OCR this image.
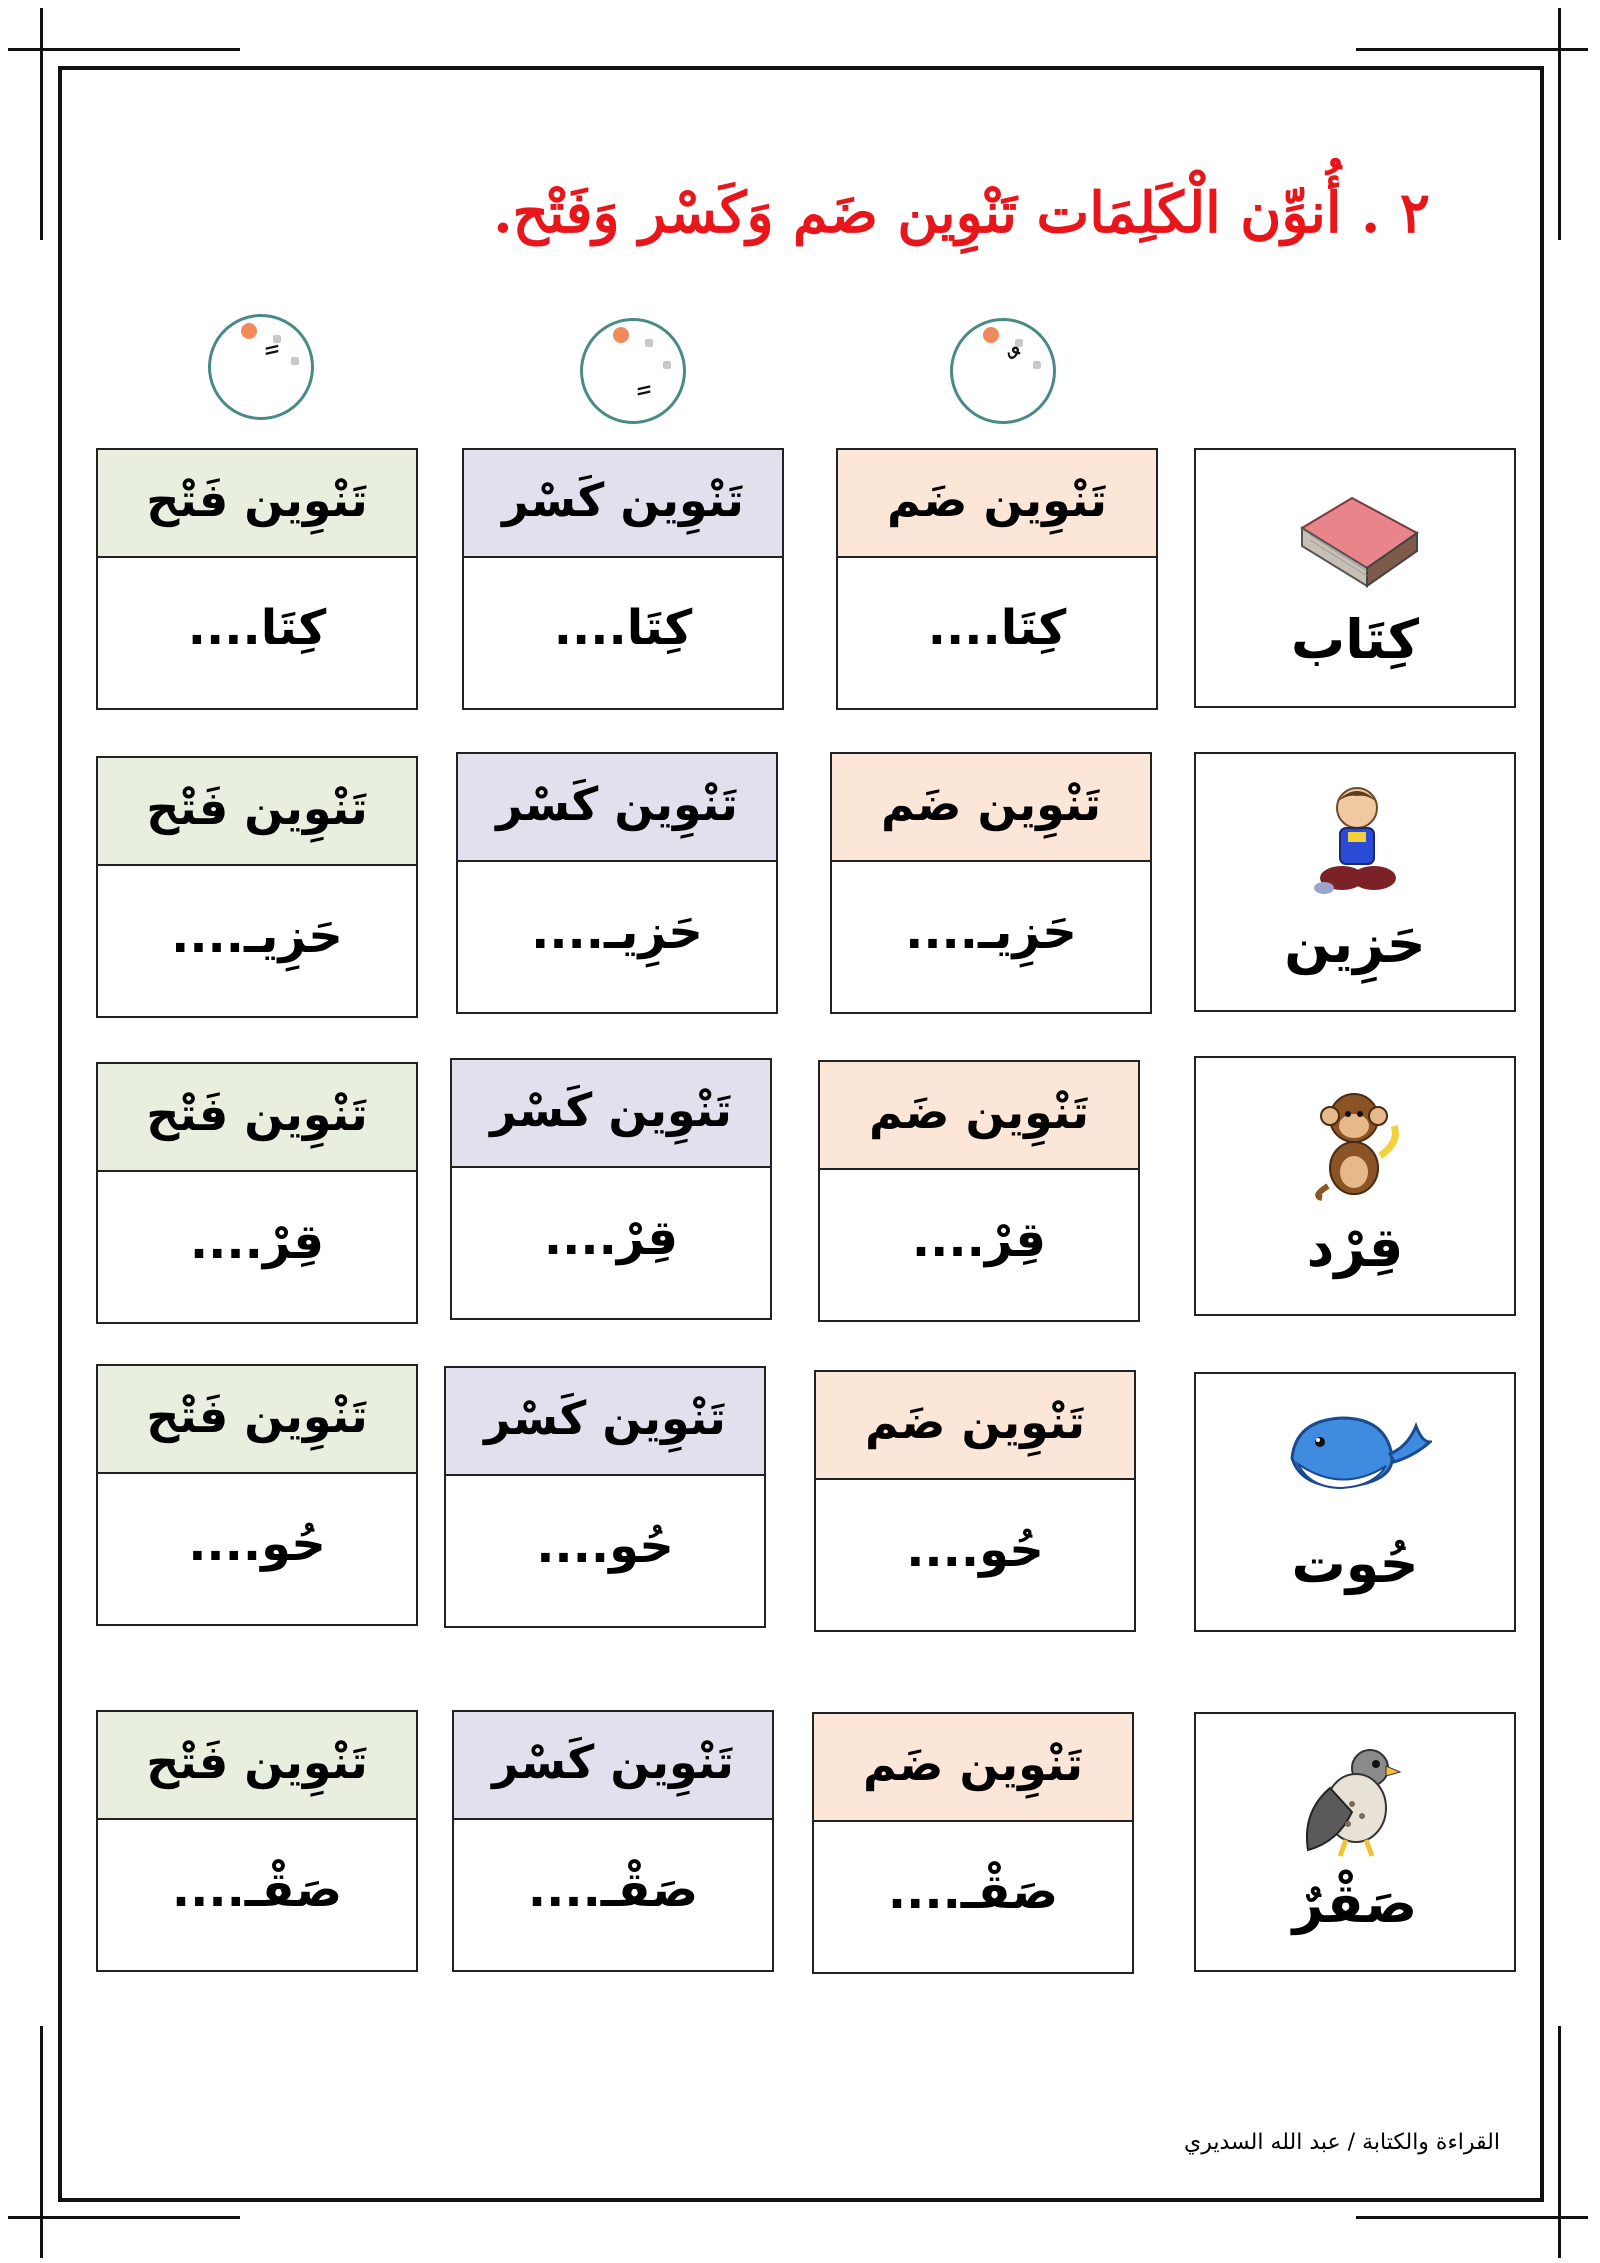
٢ . أُنوِّن الْكَلِمَات تَنْوِين ضَم وَكَسْر وَفَتْح.
كِتَاب
تَنْوِين ضَم
كِتَا....
تَنْوِين كَسْر
كِتَا....
تَنْوِين فَتْح
كِتَا....
حَزِين
تَنْوِين ضَم
حَزِيـ....
تَنْوِين كَسْر
حَزِيـ....
تَنْوِين فَتْح
حَزِيـ....
قِرْد
تَنْوِين ضَم
قِرْ....
تَنْوِين كَسْر
قِرْ....
تَنْوِين فَتْح
قِرْ....
حُوت
تَنْوِين ضَم
حُو....
تَنْوِين كَسْر
حُو....
تَنْوِين فَتْح
حُو....
صَقْرٌ
تَنْوِين ضَم
صَقْـ....
تَنْوِين كَسْر
صَقْـ....
تَنْوِين فَتْح
صَقْـ....
القراءة والكتابة / عبد الله السديري
